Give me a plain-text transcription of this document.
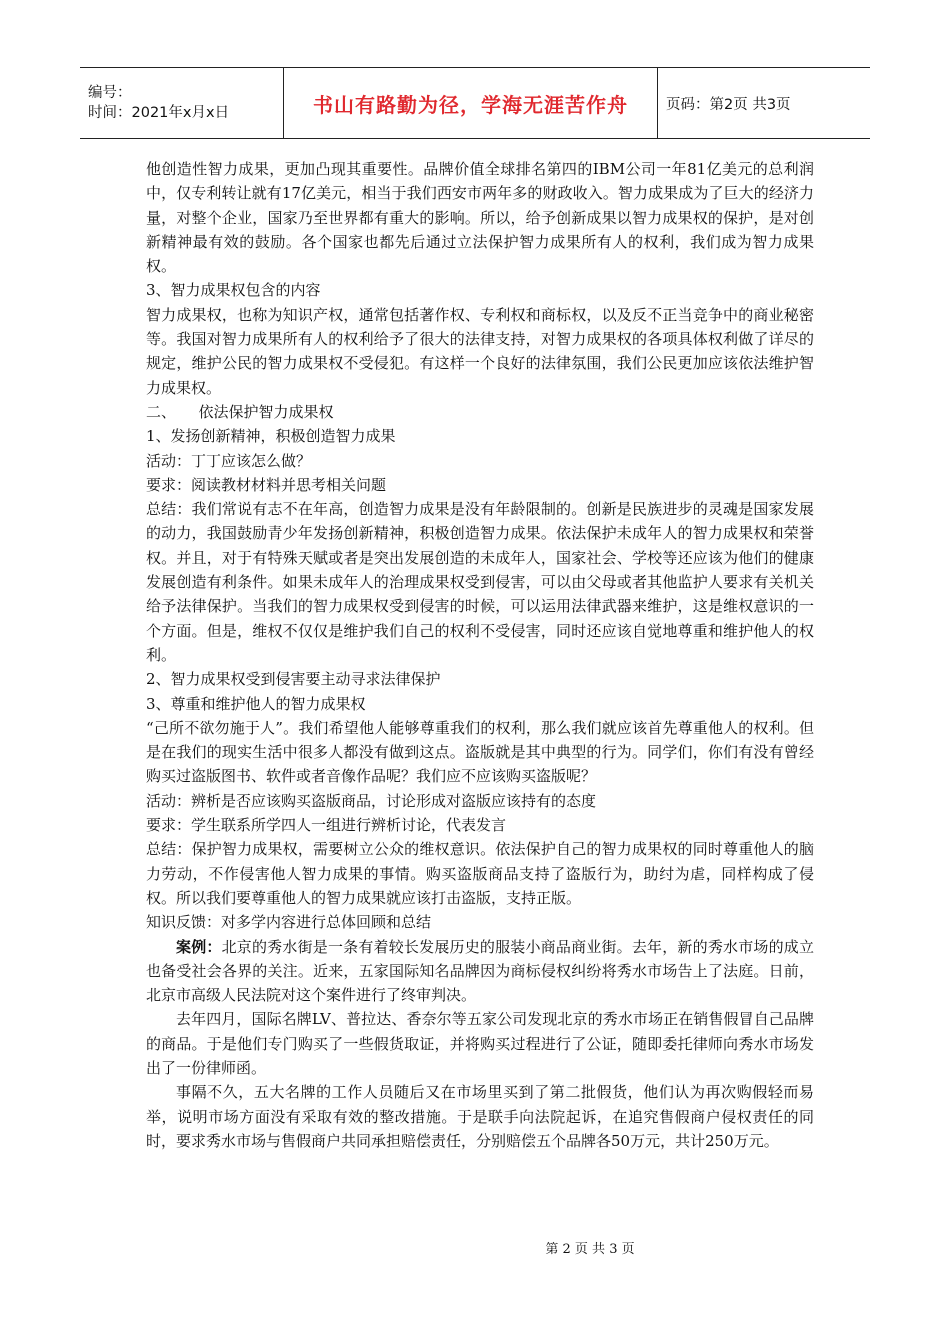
编号：
时间：2021年x月x日	书山有路勤为径，学海无涯苦作舟	页码：第2页 共3页

他创造性智力成果，更加凸现其重要性。品牌价值全球排名第四的IBM公司一年81亿美元的总利润中，仅专利转让就有17亿美元，相当于我们西安市两年多的财政收入。智力成果成为了巨大的经济力量，对整个企业，国家乃至世界都有重大的影响。所以，给予创新成果以智力成果权的保护，是对创新精神最有效的鼓励。各个国家也都先后通过立法保护智力成果所有人的权利，我们成为智力成果权。

3、智力成果权包含的内容

智力成果权，也称为知识产权，通常包括著作权、专利权和商标权，以及反不正当竞争中的商业秘密等。我国对智力成果所有人的权利给予了很大的法律支持，对智力成果权的各项具体权利做了详尽的规定，维护公民的智力成果权不受侵犯。有这样一个良好的法律氛围，我们公民更加应该依法维护智力成果权。

二、　　依法保护智力成果权

1、发扬创新精神，积极创造智力成果

活动：丁丁应该怎么做？

要求：阅读教材材料并思考相关问题

总结：我们常说有志不在年高，创造智力成果是没有年龄限制的。创新是民族进步的灵魂是国家发展的动力，我国鼓励青少年发扬创新精神，积极创造智力成果。依法保护未成年人的智力成果权和荣誉权。并且，对于有特殊天赋或者是突出发展创造的未成年人，国家社会、学校等还应该为他们的健康发展创造有利条件。如果未成年人的治理成果权受到侵害，可以由父母或者其他监护人要求有关机关给予法律保护。当我们的智力成果权受到侵害的时候，可以运用法律武器来维护，这是维权意识的一个方面。但是，维权不仅仅是维护我们自己的权利不受侵害，同时还应该自觉地尊重和维护他人的权利。

2、智力成果权受到侵害要主动寻求法律保护

3、尊重和维护他人的智力成果权

“己所不欲勿施于人”。我们希望他人能够尊重我们的权利，那么我们就应该首先尊重他人的权利。但是在我们的现实生活中很多人都没有做到这点。盗版就是其中典型的行为。同学们，你们有没有曾经购买过盗版图书、软件或者音像作品呢？我们应不应该购买盗版呢？

活动：辨析是否应该购买盗版商品，讨论形成对盗版应该持有的态度

要求：学生联系所学四人一组进行辨析讨论，代表发言

总结：保护智力成果权，需要树立公众的维权意识。依法保护自己的智力成果权的同时尊重他人的脑力劳动，不作侵害他人智力成果的事情。购买盗版商品支持了盗版行为，助纣为虐，同样构成了侵权。所以我们要尊重他人的智力成果就应该打击盗版，支持正版。

知识反馈：对多学内容进行总体回顾和总结

案例：北京的秀水街是一条有着较长发展历史的服装小商品商业街。去年，新的秀水市场的成立也备受社会各界的关注。近来，五家国际知名品牌因为商标侵权纠纷将秀水市场告上了法庭。日前，北京市高级人民法院对这个案件进行了终审判决。

去年四月，国际名牌LV、普拉达、香奈尔等五家公司发现北京的秀水市场正在销售假冒自己品牌的商品。于是他们专门购买了一些假货取证，并将购买过程进行了公证，随即委托律师向秀水市场发出了一份律师函。

事隔不久，五大名牌的工作人员随后又在市场里买到了第二批假货，他们认为再次购假轻而易举，说明市场方面没有采取有效的整改措施。于是联手向法院起诉，在追究售假商户侵权责任的同时，要求秀水市场与售假商户共同承担赔偿责任，分别赔偿五个品牌各50万元，共计250万元。

第 2 页 共 3 页
